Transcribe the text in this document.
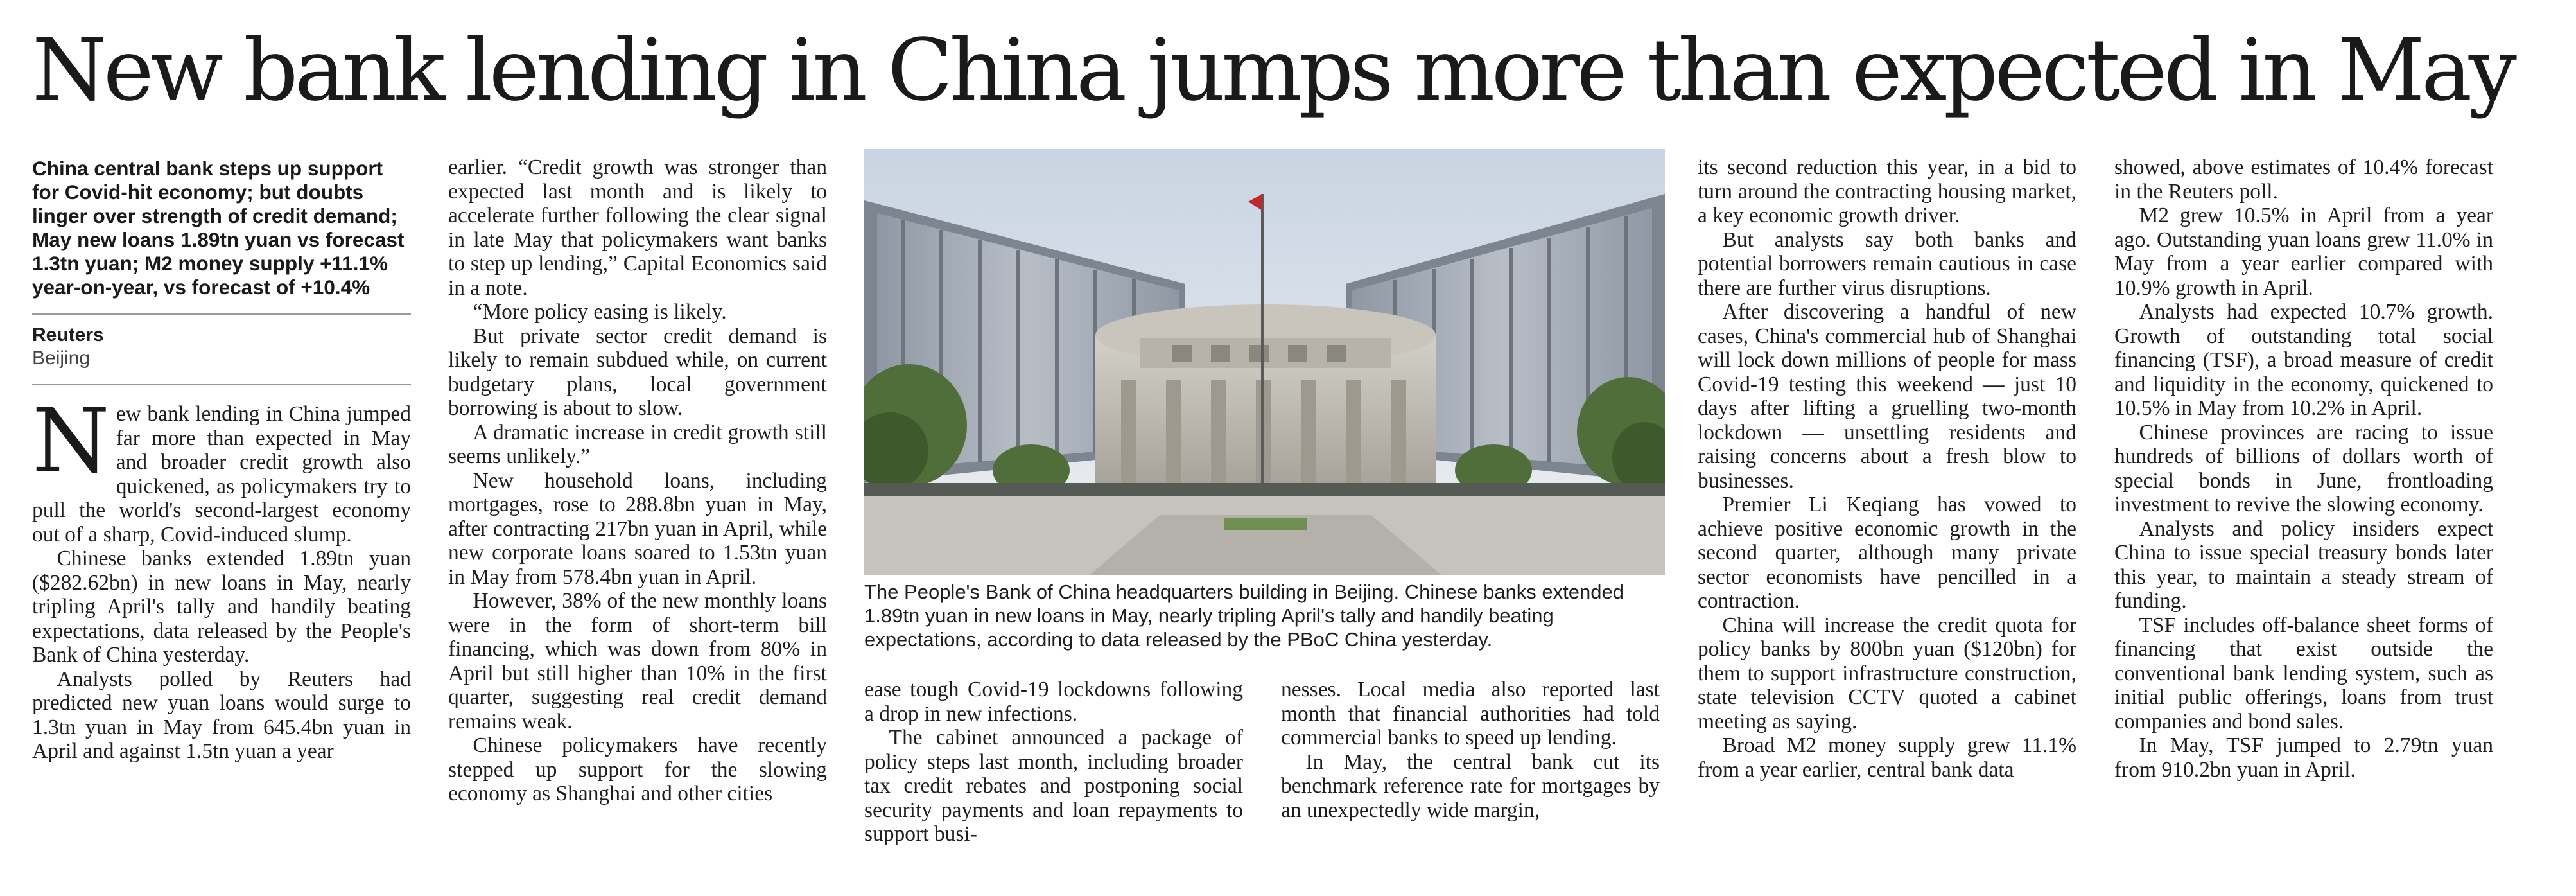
New bank lending in China jumps more than expected in May
China central bank steps up support for Covid-hit economy; but doubts linger over strength of credit demand; May new loans 1.89tn yuan vs forecast 1.3tn yuan; M2 money supply +11.1% year-on-year, vs forecast of +10.4%
Reuters
Beijing

New bank lending in China jumped far more than expected in May and broader credit growth also quickened, as policymakers try to pull the world's second-largest economy out of a sharp, Covid-induced slump.

Chinese banks extended 1.89tn yuan ($282.62bn) in new loans in May, nearly tripling April's tally and handily beating expectations, data released by the People's Bank of China yesterday.

Analysts polled by Reuters had predicted new yuan loans would surge to 1.3tn yuan in May from 645.4bn yuan in April and against 1.5tn yuan a year

earlier. “Credit growth was stronger than expected last month and is likely to accelerate further following the clear signal in late May that policymakers want banks to step up lending,” Capital Economics said in a note.

“More policy easing is likely.

But private sector credit demand is likely to remain subdued while, on current budgetary plans, local government borrowing is about to slow.

A dramatic increase in credit growth still seems unlikely.”

New household loans, including mortgages, rose to 288.8bn yuan in May, after contracting 217bn yuan in April, while new corporate loans soared to 1.53tn yuan in May from 578.4bn yuan in April.

However, 38% of the new monthly loans were in the form of short-term bill financing, which was down from 80% in April but still higher than 10% in the first quarter, suggesting real credit demand remains weak.

Chinese policymakers have recently stepped up support for the slowing economy as Shanghai and other cities

The People's Bank of China headquarters building in Beijing. Chinese banks extended 1.89tn yuan in new loans in May, nearly tripling April's tally and handily beating expectations, according to data released by the PBoC China yesterday.

ease tough Covid-19 lockdowns following a drop in new infections.

The cabinet announced a package of policy steps last month, including broader tax credit rebates and postponing social security payments and loan repayments to support busi-

nesses. Local media also reported last month that financial authorities had told commercial banks to speed up lending.

In May, the central bank cut its benchmark reference rate for mortgages by an unexpectedly wide margin,

its second reduction this year, in a bid to turn around the contracting housing market, a key economic growth driver.

But analysts say both banks and potential borrowers remain cautious in case there are further virus disruptions.

After discovering a handful of new cases, China's commercial hub of Shanghai will lock down millions of people for mass Covid-19 testing this weekend — just 10 days after lifting a gruelling two-month lockdown — unsettling residents and raising concerns about a fresh blow to businesses.

Premier Li Keqiang has vowed to achieve positive economic growth in the second quarter, although many private sector economists have pencilled in a contraction.

China will increase the credit quota for policy banks by 800bn yuan ($120bn) for them to support infrastructure construction, state television CCTV quoted a cabinet meeting as saying.

Broad M2 money supply grew 11.1% from a year earlier, central bank data

showed, above estimates of 10.4% forecast in the Reuters poll.

M2 grew 10.5% in April from a year ago. Outstanding yuan loans grew 11.0% in May from a year earlier compared with 10.9% growth in April.

Analysts had expected 10.7% growth. Growth of outstanding total social financing (TSF), a broad measure of credit and liquidity in the economy, quickened to 10.5% in May from 10.2% in April.

Chinese provinces are racing to issue hundreds of billions of dollars worth of special bonds in June, frontloading investment to revive the slowing economy.

Analysts and policy insiders expect China to issue special treasury bonds later this year, to maintain a steady stream of funding.

TSF includes off-balance sheet forms of financing that exist outside the conventional bank lending system, such as initial public offerings, loans from trust companies and bond sales.

In May, TSF jumped to 2.79tn yuan from 910.2bn yuan in April.
